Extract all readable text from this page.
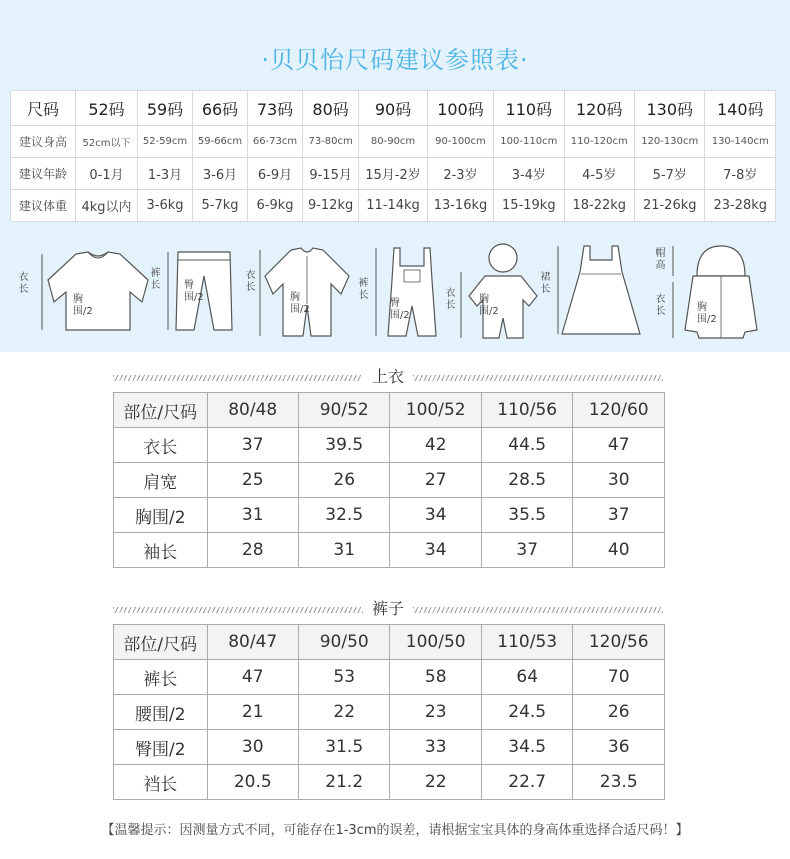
·贝贝怡尺码建议参照表·
尺码	52码	59码	66码	73码	80码	90码	100码	110码	120码	130码	140码
建议身高	52cm以下	52-59cm	59-66cm	66-73cm	73-80cm	80-90cm	90-100cm	100-110cm	110-120cm	120-130cm	130-140cm
建议年龄	0-1月	1-3月	3-6月	6-9月	9-15月	15月-2岁	2-3岁	3-4岁	4-5岁	5-7岁	7-8岁
建议体重	4kg以内	3-6kg	5-7kg	6-9kg	9-12kg	11-14kg	13-16kg	15-19kg	18-22kg	21-26kg	23-28kg
衣长
胸围/2
裤长 臀围/2
衣长
胸围/2
裤长
臀围/2
衣长
胸围/2
裙长
帽高
衣长	胸围/2
上衣
部位/尺码	80/48	90/52	100/52	110/56	120/60
衣长	37	39.5	42	44.5	47
肩宽	25	26	27	28.5	30
胸围/2	31	32.5	34	35.5	37
袖长	28	31	34	37	40
裤子
部位/尺码	80/47	90/50	100/50	110/53	120/56
裤长	47	53	58	64	70
腰围/2	21	22	23	24.5	26
臀围/2	30	31.5	33	34.5	36
裆长	20.5	21.2	22	22.7	23.5
【温馨提示：因测量方式不同，可能存在1-3cm的误差，请根据宝宝具体的身高体重选择合适尺码！】
